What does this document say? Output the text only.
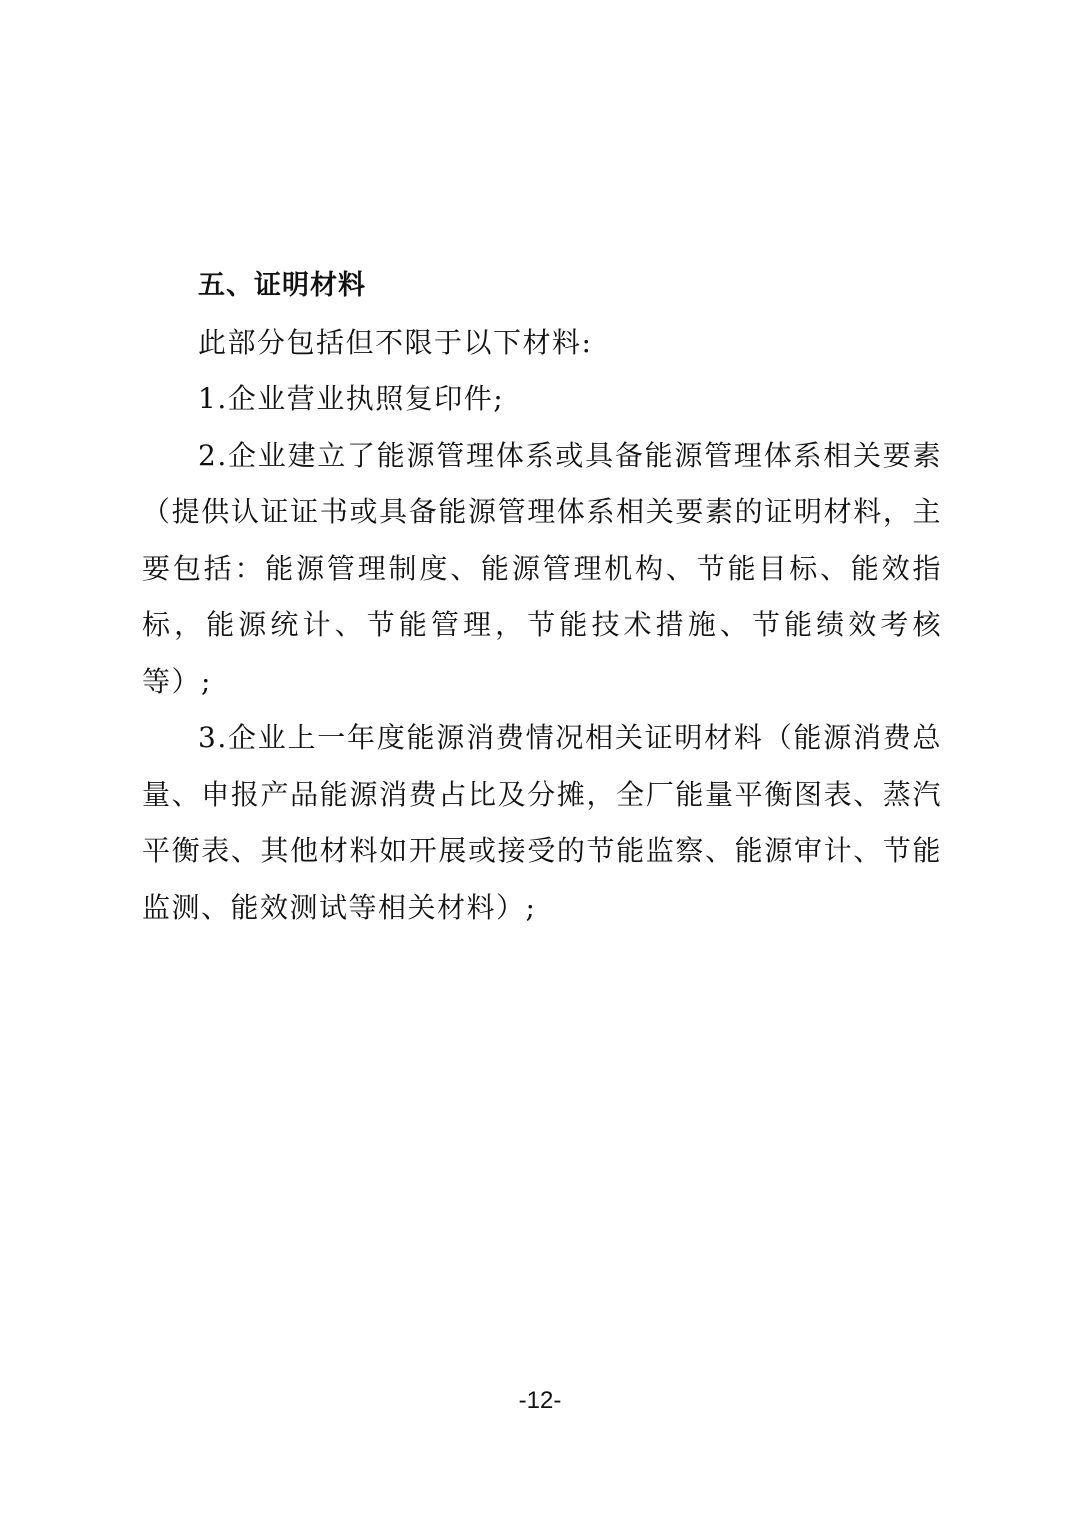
五、证明材料

此部分包括但不限于以下材料:

1.企业营业执照复印件;

2.企业建立了能源管理体系或具备能源管理体系相关要素（提供认证证书或具备能源管理体系相关要素的证明材料，主要包括：能源管理制度、能源管理机构、节能目标、能效指标，能源统计、节能管理，节能技术措施、节能绩效考核等）;

3.企业上一年度能源消费情况相关证明材料（能源消费总量、申报产品能源消费占比及分摊，全厂能量平衡图表、蒸汽平衡表、其他材料如开展或接受的节能监察、能源审计、节能监测、能效测试等相关材料）;

-12-
